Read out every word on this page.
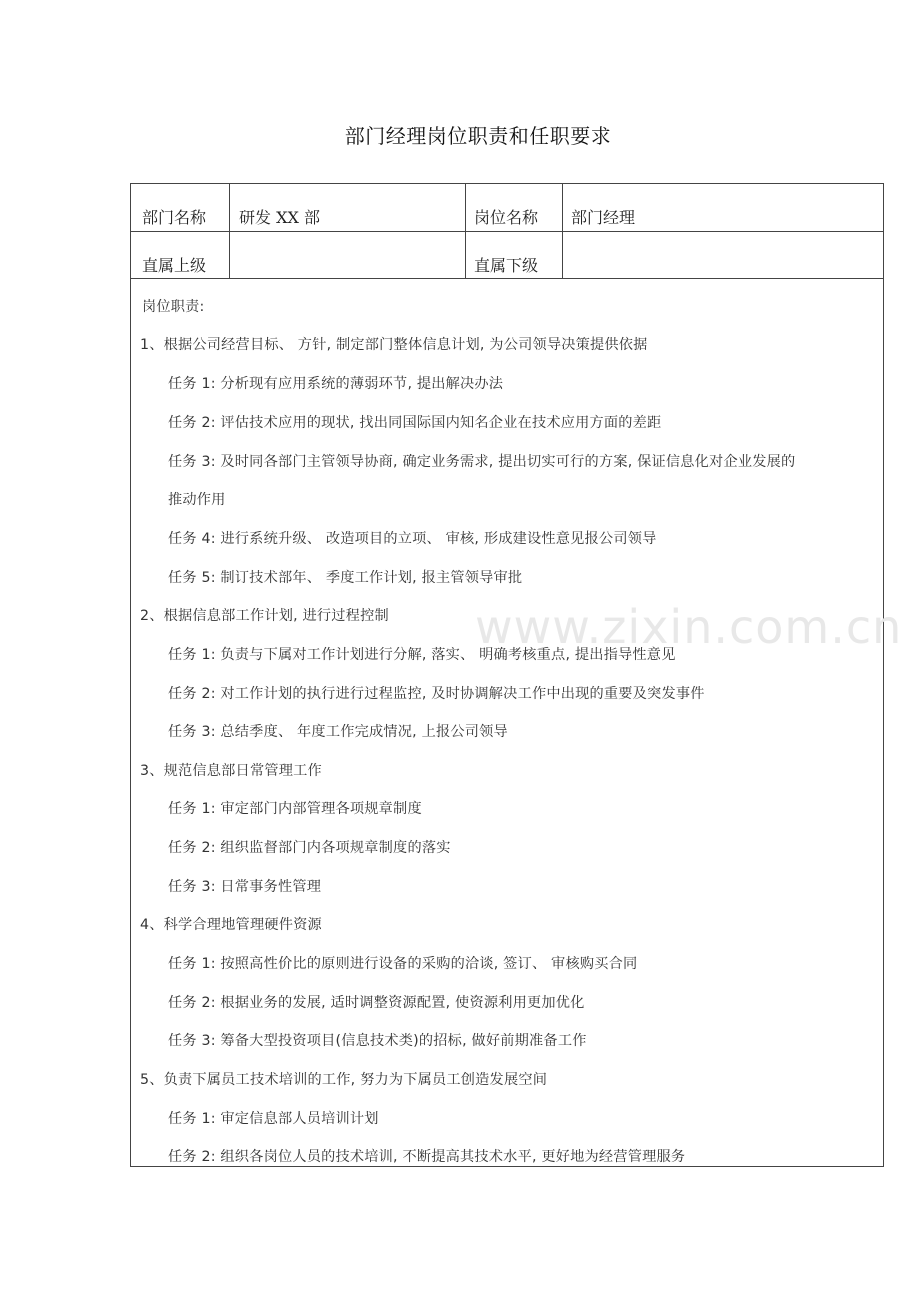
部门经理岗位职责和任职要求
部门名称 研发 XX 部	岗位名称 部门经理
直属上级	直属下级
岗位职责:
1、根据公司经营目标、 方针, 制定部门整体信息计划, 为公司领导决策提供依据
任务 1: 分析现有应用系统的薄弱环节, 提出解决办法
任务 2: 评估技术应用的现状, 找出同国际国内知名企业在技术应用方面的差距
任务 3: 及时同各部门主管领导协商, 确定业务需求, 提出切实可行的方案, 保证信息化对企业发展的
推动作用
任务 4: 进行系统升级、 改造项目的立项、 审核, 形成建设性意见报公司领导
任务 5: 制订技术部年、 季度工作计划, 报主管领导审批
2、根据信息部工作计划, 进行过程控制
任务 1: 负责与下属对工作计划进行分解, 落实、 明确考核重点, 提出指导性意见
任务 2: 对工作计划的执行进行过程监控, 及时协调解决工作中出现的重要及突发事件
任务 3: 总结季度、 年度工作完成情况, 上报公司领导
3、规范信息部日常管理工作
任务 1: 审定部门内部管理各项规章制度
任务 2: 组织监督部门内各项规章制度的落实
任务 3: 日常事务性管理
4、科学合理地管理硬件资源
任务 1: 按照高性价比的原则进行设备的采购的洽谈, 签订、 审核购买合同
任务 2: 根据业务的发展, 适时调整资源配置, 使资源利用更加优化
任务 3: 筹备大型投资项目(信息技术类)的招标, 做好前期准备工作
5、负责下属员工技术培训的工作, 努力为下属员工创造发展空间
任务 1: 审定信息部人员培训计划
任务 2: 组织各岗位人员的技术培训, 不断提高其技术水平, 更好地为经营管理服务
www.zixin.com.cn
